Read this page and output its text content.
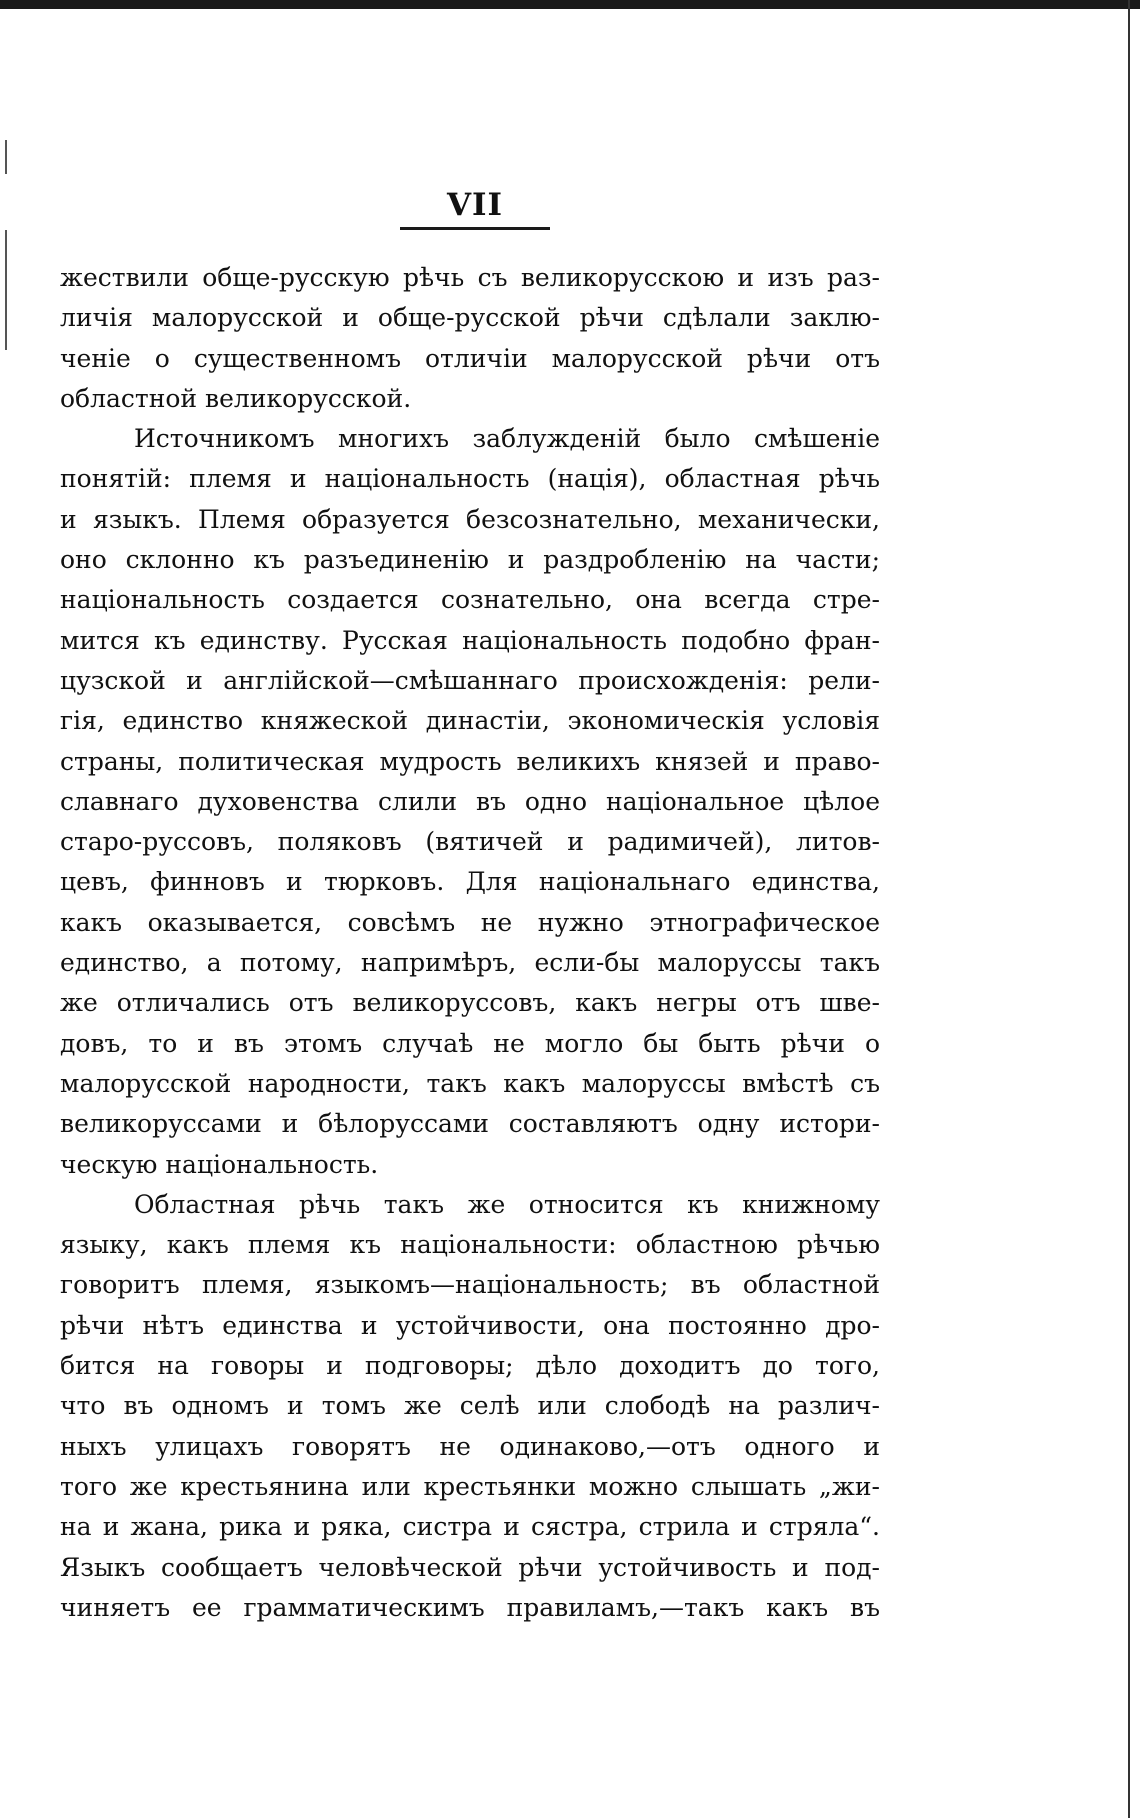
VII
жествили обще-русскую рѣчь съ великорусскою и изъ раз-
личія малорусской и обще-русской рѣчи сдѣлали заклю-
ченіе о существенномъ отличіи малорусской рѣчи отъ
областной великорусской.
Источникомъ многихъ заблужденій было смѣшеніе
понятій: племя и національность (нація), областная рѣчь
и языкъ. Племя образуется безсознательно, механически,
оно склонно къ разъединенію и раздробленію на части;
національность создается сознательно, она всегда стре-
мится къ единству. Русская національность подобно фран-
цузской и англійской—смѣшаннаго происхожденія: рели-
гія, единство княжеской династіи, экономическія условія
страны, политическая мудрость великихъ князей и право-
славнаго духовенства слили въ одно національное цѣлое
старо-руссовъ, поляковъ (вятичей и радимичей), литов-
цевъ, финновъ и тюрковъ. Для національнаго единства,
какъ оказывается, совсѣмъ не нужно этнографическое
единство, а потому, напримѣръ, если-бы малоруссы такъ
же отличались отъ великоруссовъ, какъ негры отъ шве-
довъ, то и въ этомъ случаѣ не могло бы быть рѣчи о
малорусской народности, такъ какъ малоруссы вмѣстѣ съ
великоруссами и бѣлоруссами составляютъ одну истори-
ческую національность.
Областная рѣчь такъ же относится къ книжному
языку, какъ племя къ національности: областною рѣчью
говоритъ племя, языкомъ—національность; въ областной
рѣчи нѣтъ единства и устойчивости, она постоянно дро-
бится на говоры и подговоры; дѣло доходитъ до того,
что въ одномъ и томъ же селѣ или слободѣ на различ-
ныхъ улицахъ говорятъ не одинаково,—отъ одного и
того же крестьянина или крестьянки можно слышать „жи-
на и жана, рика и ряка, систра и сястра, стрила и стряла“.
Языкъ сообщаетъ человѣческой рѣчи устойчивость и под-
чиняетъ ее грамматическимъ правиламъ,—такъ какъ въ
